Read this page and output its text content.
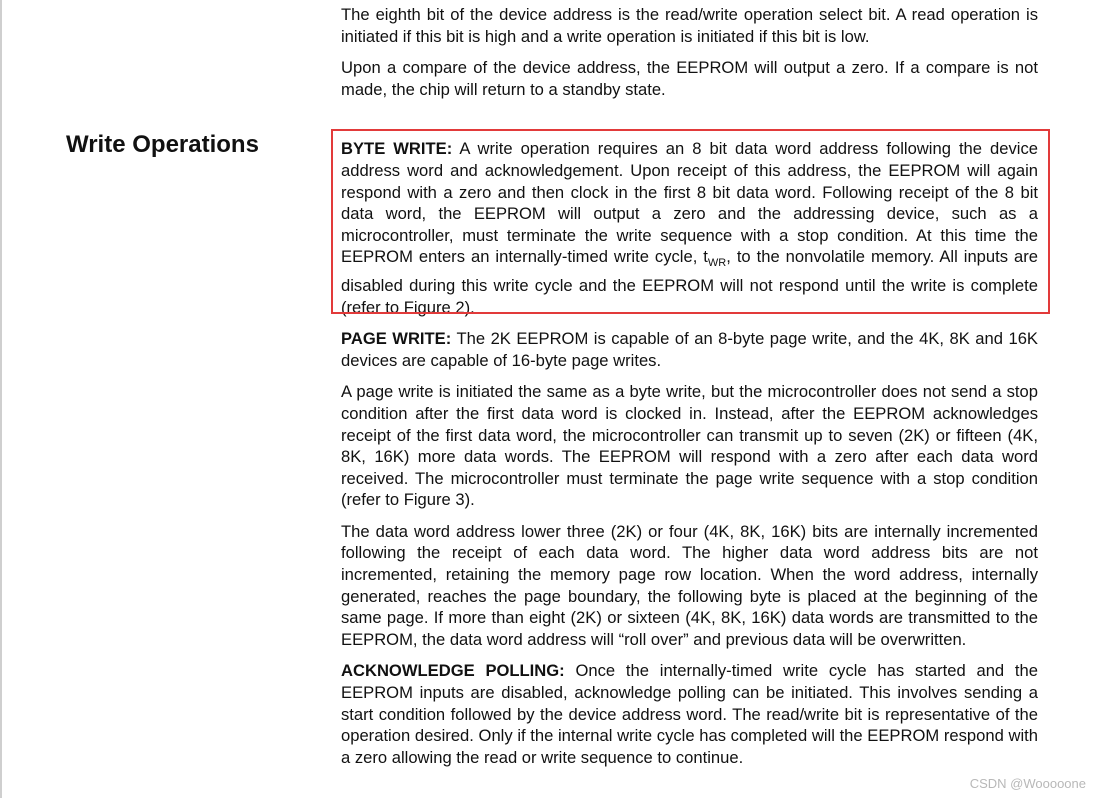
Write Operations

The eighth bit of the device address is the read/write operation select bit. A read operation is initiated if this bit is high and a write operation is initiated if this bit is low.

Upon a compare of the device address, the EEPROM will output a zero. If a compare is not made, the chip will return to a standby state.

BYTE WRITE: A write operation requires an 8 bit data word address following the device address word and acknowledgement. Upon receipt of this address, the EEPROM will again respond with a zero and then clock in the first 8 bit data word. Following receipt of the 8 bit data word, the EEPROM will output a zero and the addressing device, such as a microcontroller, must terminate the write sequence with a stop condition. At this time the EEPROM enters an internally-timed write cycle, $t_{WR}$, to the nonvolatile memory. All inputs are disabled during this write cycle and the EEPROM will not respond until the write is complete (refer to Figure 2).

PAGE WRITE: The 2K EEPROM is capable of an 8-byte page write, and the 4K, 8K and 16K devices are capable of 16-byte page writes.

A page write is initiated the same as a byte write, but the microcontroller does not send a stop condition after the first data word is clocked in. Instead, after the EEPROM acknowledges receipt of the first data word, the microcontroller can transmit up to seven (2K) or fifteen (4K, 8K, 16K) more data words. The EEPROM will respond with a zero after each data word received. The microcontroller must terminate the page write sequence with a stop condition (refer to Figure 3).

The data word address lower three (2K) or four (4K, 8K, 16K) bits are internally incremented following the receipt of each data word. The higher data word address bits are not incremented, retaining the memory page row location. When the word address, internally generated, reaches the page boundary, the following byte is placed at the beginning of the same page. If more than eight (2K) or sixteen (4K, 8K, 16K) data words are transmitted to the EEPROM, the data word address will “roll over” and previous data will be overwritten.

ACKNOWLEDGE POLLING: Once the internally-timed write cycle has started and the EEPROM inputs are disabled, acknowledge polling can be initiated. This involves sending a start condition followed by the device address word. The read/write bit is representative of the operation desired. Only if the internal write cycle has completed will the EEPROM respond with a zero allowing the read or write sequence to continue.

CSDN @Wooooone
